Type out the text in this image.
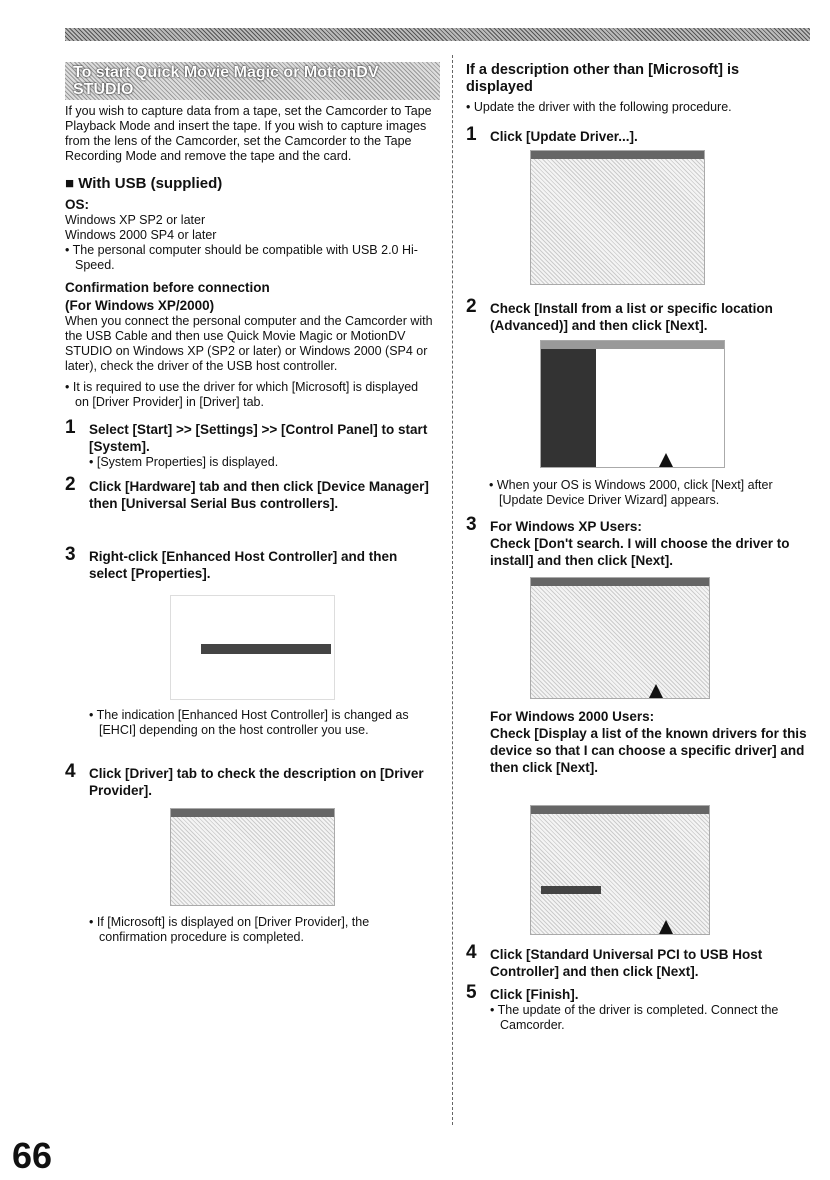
To start Quick Movie Magic or MotionDV STUDIO
If you wish to capture data from a tape, set the Camcorder to Tape Playback Mode and insert the tape. If you wish to capture images from the lens of the Camcorder, set the Camcorder to the Tape Recording Mode and remove the tape and the card.
■ With USB (supplied)
OS:
Windows XP SP2 or later
Windows 2000 SP4 or later
• The personal computer should be compatible with USB 2.0 Hi-Speed.
Confirmation before connection
(For Windows XP/2000)
When you connect the personal computer and the Camcorder with the USB Cable and then use Quick Movie Magic or MotionDV STUDIO on Windows XP (SP2 or later) or Windows 2000 (SP4 or later), check the driver of the USB host controller.
• It is required to use the driver for which [Microsoft] is displayed on [Driver Provider] in [Driver] tab.
1 Select [Start] >> [Settings] >> [Control Panel] to start [System].
• [System Properties] is displayed.
2 Click [Hardware] tab and then click [Device Manager] then [Universal Serial Bus controllers].
3 Right-click [Enhanced Host Controller] and then select [Properties].
• The indication [Enhanced Host Controller] is changed as [EHCI] depending on the host controller you use.
4 Click [Driver] tab to check the description on [Driver Provider].
• If [Microsoft] is displayed on [Driver Provider], the confirmation procedure is completed.
If a description other than [Microsoft] is displayed
• Update the driver with the following procedure.
1 Click [Update Driver...].
2 Check [Install from a list or specific location (Advanced)] and then click [Next].
• When your OS is Windows 2000, click [Next] after [Update Device Driver Wizard] appears.
3 For Windows XP Users:
Check [Don't search. I will choose the driver to install] and then click [Next].
For Windows 2000 Users:
Check [Display a list of the known drivers for this device so that I can choose a specific driver] and then click [Next].
4 Click [Standard Universal PCI to USB Host Controller] and then click [Next].
5 Click [Finish].
• The update of the driver is completed. Connect the Camcorder.
66
